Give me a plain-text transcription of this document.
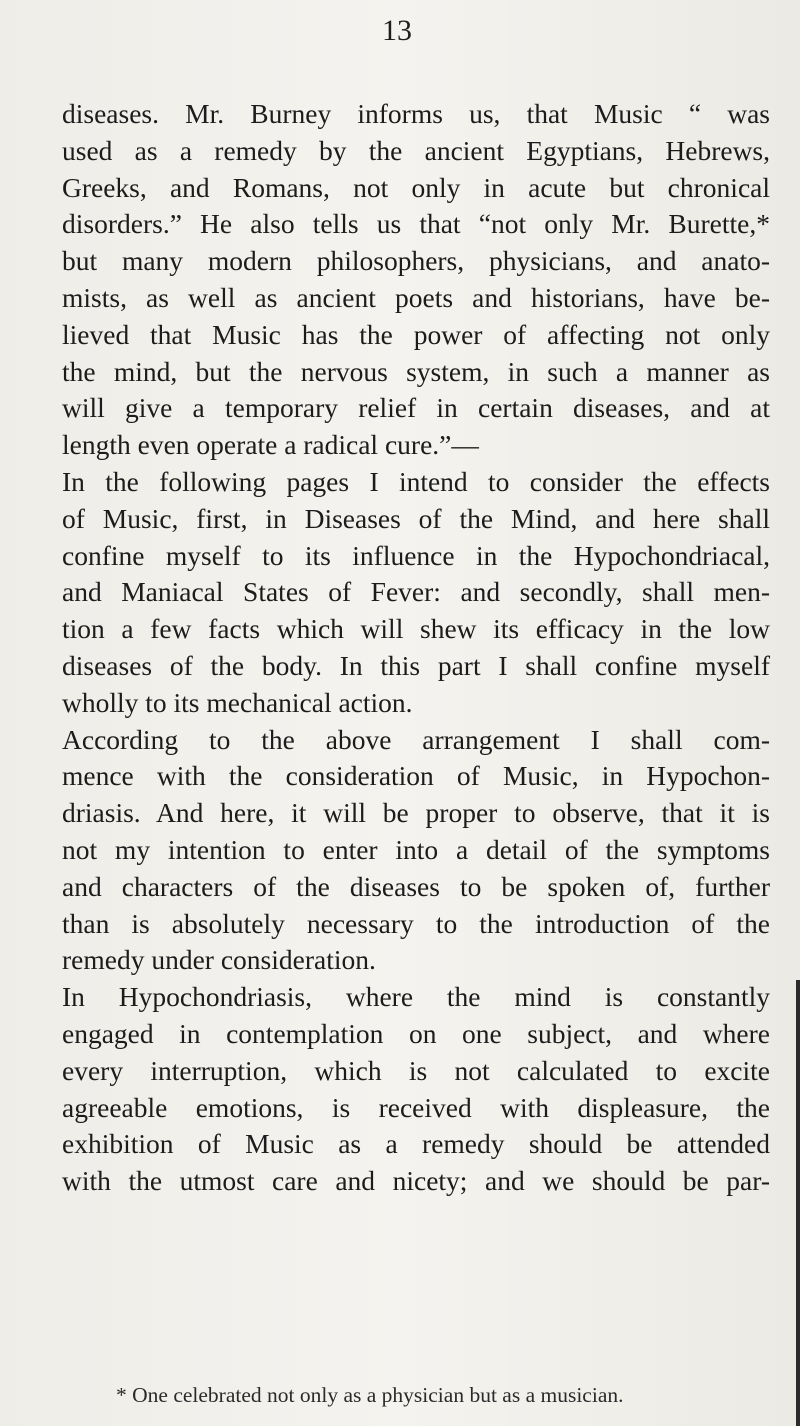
13
diseases. Mr. Burney informs us, that Music “ was
used as a remedy by the ancient Egyptians, Hebrews,
Greeks, and Romans, not only in acute but chronical
disorders.” He also tells us that “not only Mr. Burette,*
but many modern philosophers, physicians, and anato-
mists, as well as ancient poets and historians, have be-
lieved that Music has the power of affecting not only
the mind, but the nervous system, in such a manner as
will give a temporary relief in certain diseases, and at
length even operate a radical cure.”—
In the following pages I intend to consider the effects
of Music, first, in Diseases of the Mind, and here shall
confine myself to its influence in the Hypochondriacal,
and Maniacal States of Fever: and secondly, shall men-
tion a few facts which will shew its efficacy in the low
diseases of the body. In this part I shall confine myself
wholly to its mechanical action.
According to the above arrangement I shall com-
mence with the consideration of Music, in Hypochon-
driasis. And here, it will be proper to observe, that it is
not my intention to enter into a detail of the symptoms
and characters of the diseases to be spoken of, further
than is absolutely necessary to the introduction of the
remedy under consideration.
In Hypochondriasis, where the mind is constantly
engaged in contemplation on one subject, and where
every interruption, which is not calculated to excite
agreeable emotions, is received with displeasure, the
exhibition of Music as a remedy should be attended
with the utmost care and nicety; and we should be par-
* One celebrated not only as a physician but as a musician.
